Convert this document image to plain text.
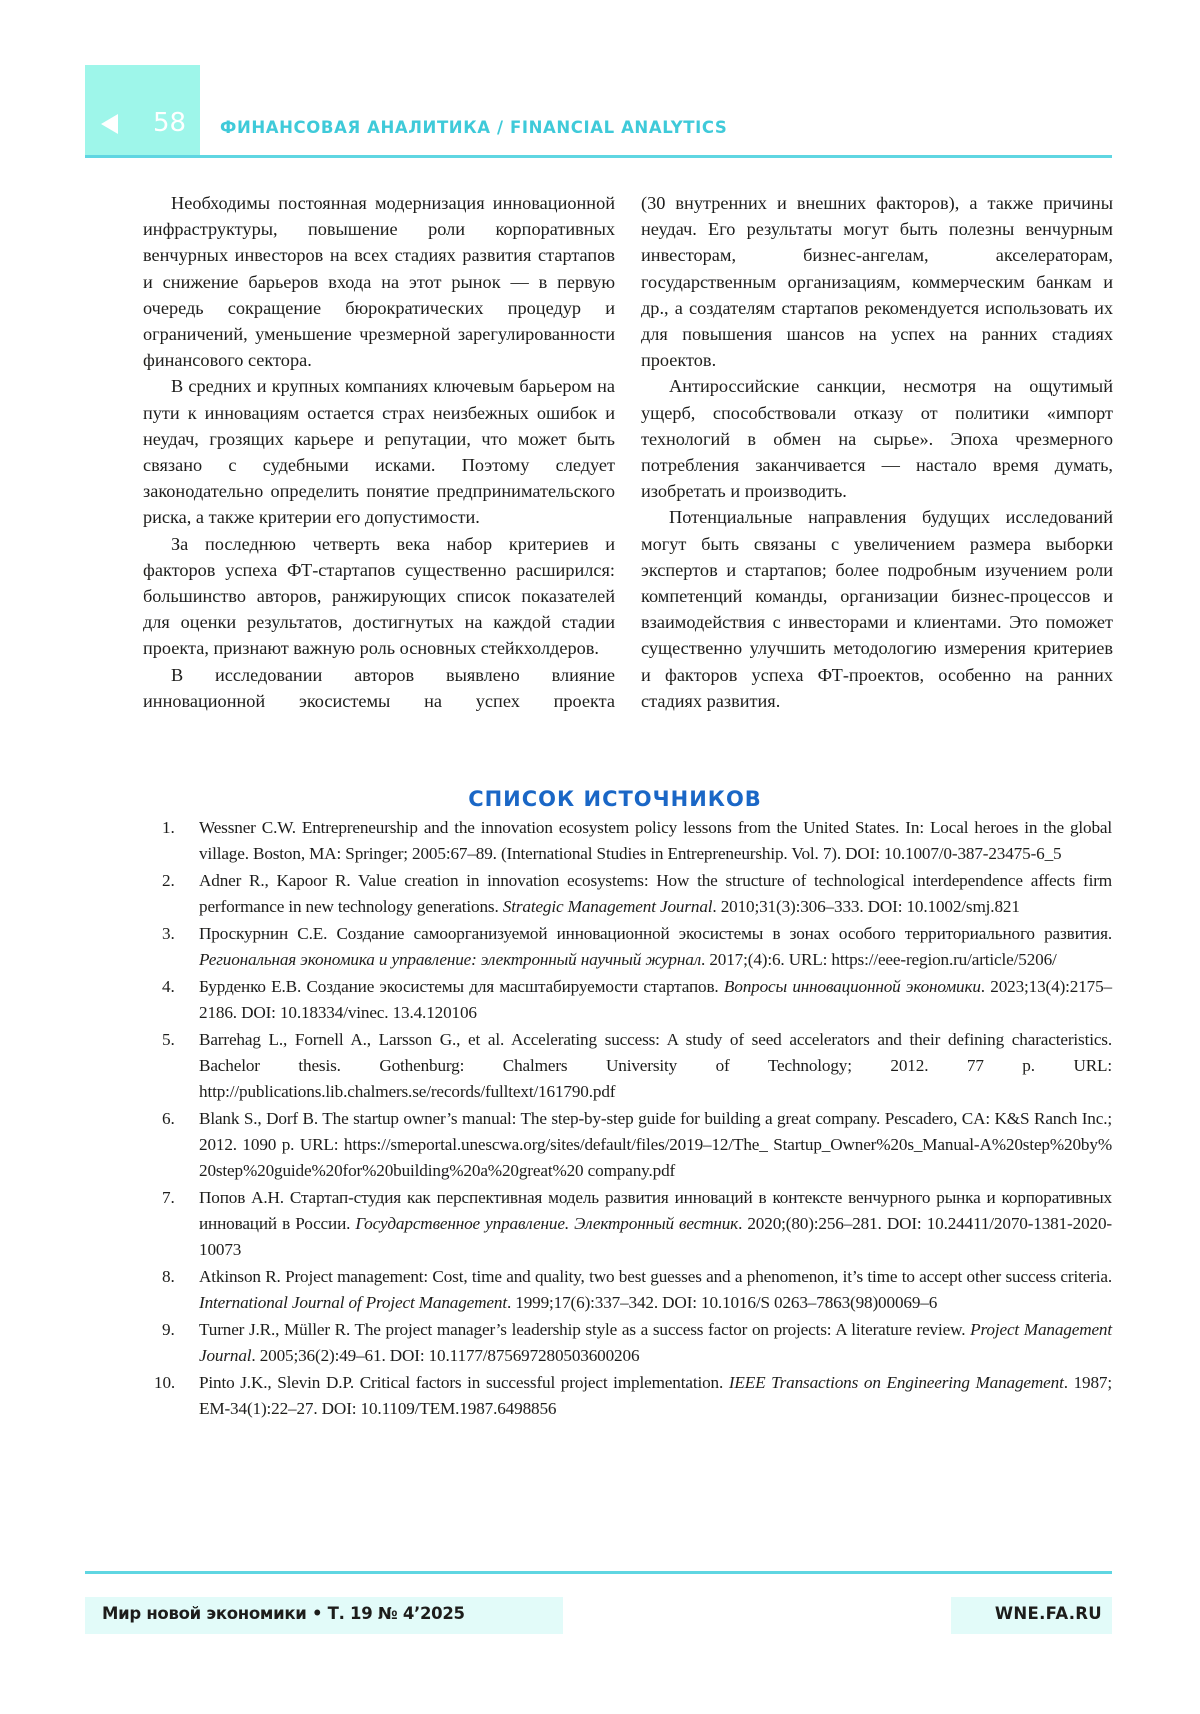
58 ФИНАНСОВАЯ АНАЛИТИКА / FINANCIAL ANALYTICS

Необходимы постоянная модернизация инновационной инфраструктуры, повышение роли корпоративных венчурных инвесторов на всех стадиях развития стартапов и снижение барьеров входа на этот рынок — в первую очередь сокращение бюрократических процедур и ограничений, уменьшение чрезмерной зарегулированности финансового сектора.

В средних и крупных компаниях ключевым барьером на пути к инновациям остается страх неизбежных ошибок и неудач, грозящих карьере и репутации, что может быть связано с судебными исками. Поэтому следует законодательно определить понятие предпринимательского риска, а также критерии его допустимости.

За последнюю четверть века набор критериев и факторов успеха ФТ-стартапов существенно расширился: большинство авторов, ранжирующих список показателей для оценки результатов, достигнутых на каждой стадии проекта, признают важную роль основных стейкхолдеров.

В исследовании авторов выявлено влияние инновационной экосистемы на успех проекта

(30 внутренних и внешних факторов), а также причины неудач. Его результаты могут быть полезны венчурным инвесторам, бизнес-ангелам, акселераторам, государственным организациям, коммерческим банкам и др., а создателям стартапов рекомендуется использовать их для повышения шансов на успех на ранних стадиях проектов.

Антироссийские санкции, несмотря на ощутимый ущерб, способствовали отказу от политики «импорт технологий в обмен на сырье». Эпоха чрезмерного потребления заканчивается — настало время думать, изобретать и производить.

Потенциальные направления будущих исследований могут быть связаны с увеличением размера выборки экспертов и стартапов; более подробным изучением роли компетенций команды, организации бизнес-процессов и взаимодействия с инвесторами и клиентами. Это поможет существенно улучшить методологию измерения критериев и факторов успеха ФТ-проектов, особенно на ранних стадиях развития.

СПИСОК ИСТОЧНИКОВ
1. Wessner C.W. Entrepreneurship and the innovation ecosystem policy lessons from the United States. In: Local heroes in the global village. Boston, MA: Springer; 2005:67–89. (International Studies in Entrepreneurship. Vol. 7). DOI: 10.1007/0-387-23475-6_5
2. Adner R., Kapoor R. Value creation in innovation ecosystems: How the structure of technological interdependence affects firm performance in new technology generations. Strategic Management Journal. 2010;31(3):306–333. DOI: 10.1002/smj.821
3. Проскурнин С.Е. Создание самоорганизуемой инновационной экосистемы в зонах особого территориального развития. Региональная экономика и управление: электронный научный журнал. 2017;(4):6. URL: https://eee-region.ru/article/5206/
4. Бурденко Е.В. Создание экосистемы для масштабируемости стартапов. Вопросы инновационной экономики. 2023;13(4):2175–2186. DOI: 10.18334/vinec. 13.4.120106
5. Barrehag L., Fornell A., Larsson G., et al. Accelerating success: A study of seed accelerators and their defining characteristics. Bachelor thesis. Gothenburg: Chalmers University of Technology; 2012. 77 p. URL: http://publications.lib.chalmers.se/records/fulltext/161790.pdf
6. Blank S., Dorf B. The startup owner’s manual: The step-by-step guide for building a great company. Pescadero, CA: K&S Ranch Inc.; 2012. 1090 p. URL: https://smeportal.unescwa.org/sites/default/files/2019–12/The_ Startup_Owner%20s_Manual-A%20step%20by%20step%20guide%20for%20building%20a%20great%20 company.pdf
7. Попов А.Н. Стартап-студия как перспективная модель развития инноваций в контексте венчурного рынка и корпоративных инноваций в России. Государственное управление. Электронный вестник. 2020;(80):256–281. DOI: 10.24411/2070-1381-2020-10073
8. Atkinson R. Project management: Cost, time and quality, two best guesses and a phenomenon, it’s time to accept other success criteria. International Journal of Project Management. 1999;17(6):337–342. DOI: 10.1016/S 0263–7863(98)00069–6
9. Turner J.R., Müller R. The project manager’s leadership style as a success factor on projects: A literature review. Project Management Journal. 2005;36(2):49–61. DOI: 10.1177/875697280503600206
10. Pinto J.K., Slevin D.P. Critical factors in successful project implementation. IEEE Transactions on Engineering Management. 1987; EM-34(1):22–27. DOI: 10.1109/TEM.1987.6498856
Мир новой экономики • Т. 19 № 4’2025	WNE.FA.RU
